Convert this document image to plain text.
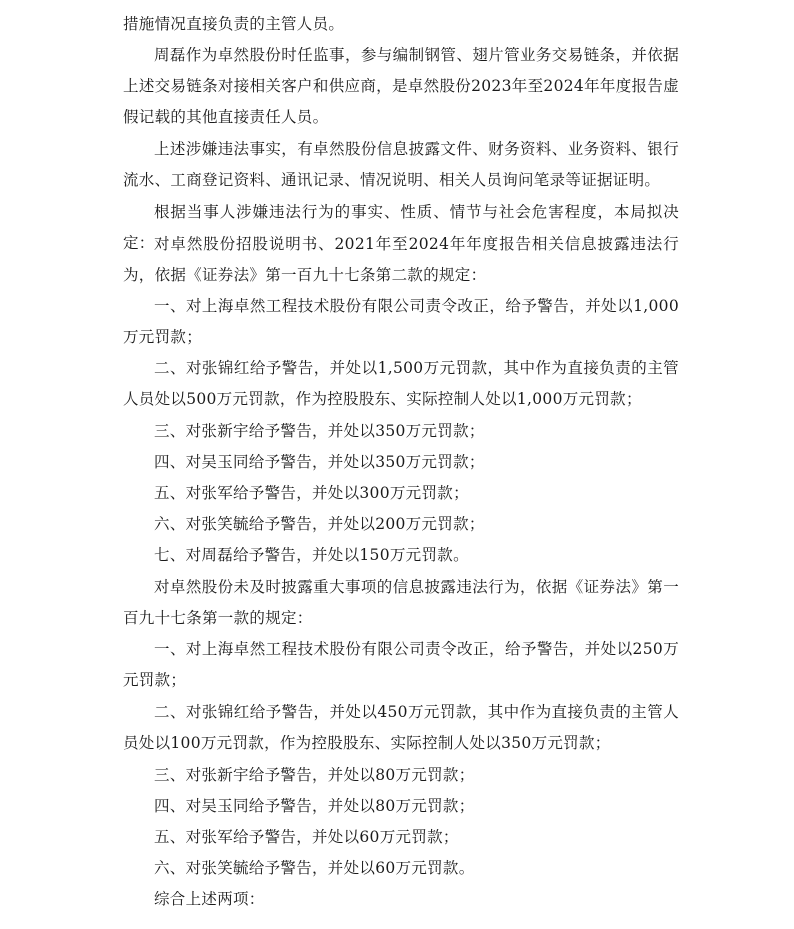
措施情况直接负责的主管人员。

周磊作为卓然股份时任监事，参与编制钢管、翅片管业务交易链条，并依据上述交易链条对接相关客户和供应商，是卓然股份2023年至2024年年度报告虚假记载的其他直接责任人员。

上述涉嫌违法事实，有卓然股份信息披露文件、财务资料、业务资料、银行流水、工商登记资料、通讯记录、情况说明、相关人员询问笔录等证据证明。

根据当事人涉嫌违法行为的事实、性质、情节与社会危害程度，本局拟决定： 对卓然股份招股说明书、2021年至2024年年度报告相关信息披露违法行为，依据《证券法》第一百九十七条第二款的规定：

一、对上海卓然工程技术股份有限公司责令改正，给予警告，并处以1,000万元罚款；

二、对张锦红给予警告，并处以1,500万元罚款，其中作为直接负责的主管人员处以500万元罚款，作为控股股东、实际控制人处以1,000万元罚款；

三、对张新宇给予警告，并处以350万元罚款；

四、对吴玉同给予警告，并处以350万元罚款；

五、对张军给予警告，并处以300万元罚款；

六、对张笑毓给予警告，并处以200万元罚款；

七、对周磊给予警告，并处以150万元罚款。

对卓然股份未及时披露重大事项的信息披露违法行为，依据《证券法》第一百九十七条第一款的规定：

一、对上海卓然工程技术股份有限公司责令改正，给予警告，并处以250万元罚款；

二、对张锦红给予警告，并处以450万元罚款，其中作为直接负责的主管人员处以100万元罚款，作为控股股东、实际控制人处以350万元罚款；

三、对张新宇给予警告，并处以80万元罚款；

四、对吴玉同给予警告，并处以80万元罚款；

五、对张军给予警告，并处以60万元罚款；

六、对张笑毓给予警告，并处以60万元罚款。

综合上述两项：
